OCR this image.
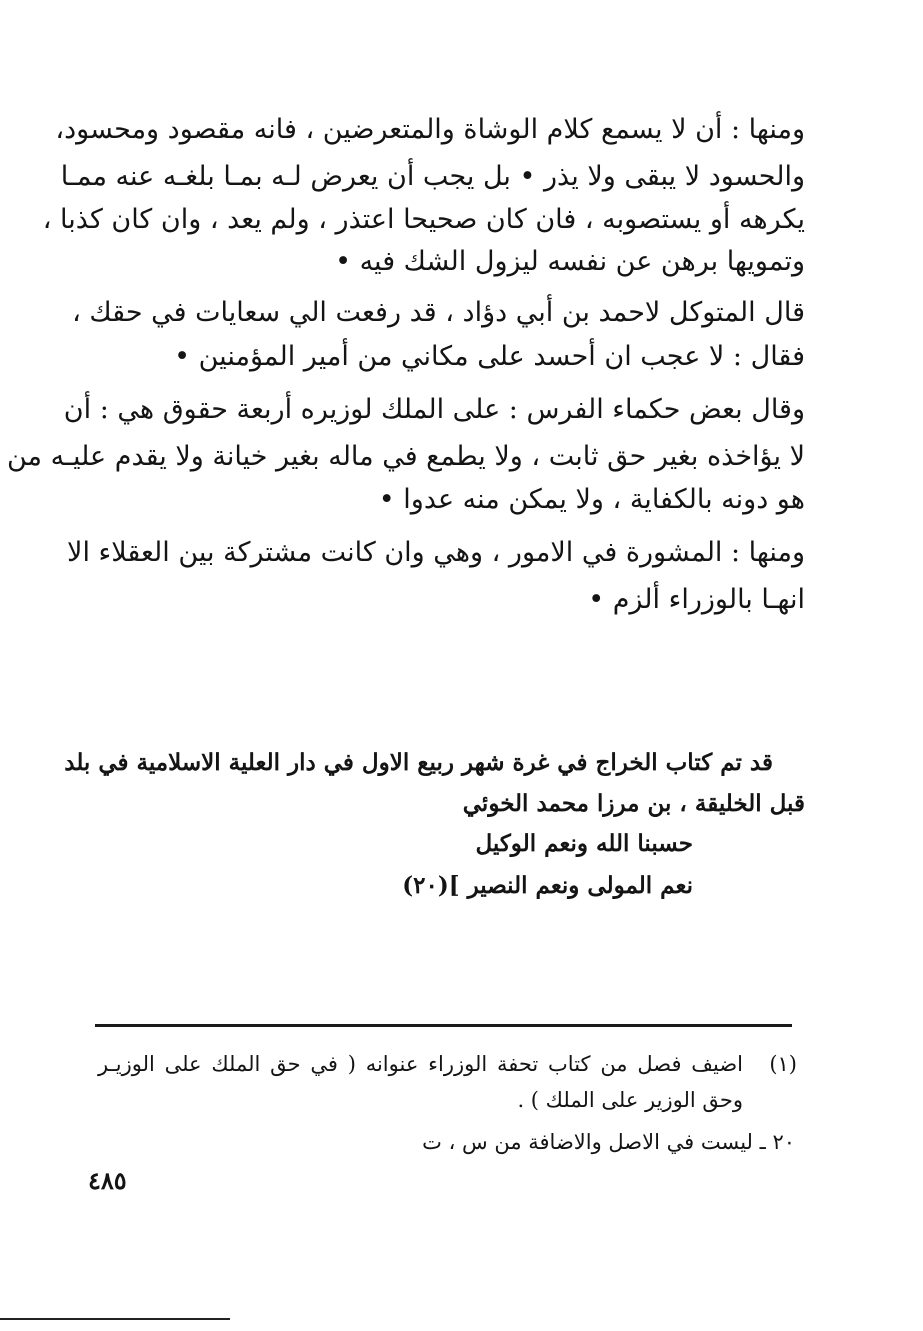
ومنها : أن لا يسمع كلام الوشاة والمتعرضين ، فانه مقصود ومحسود،
والحسود لا يبقى ولا يذر • بل يجب أن يعرض لـه بمـا بلغـه عنه ممـا
يكرهه أو يستصوبه ، فان كان صحيحا اعتذر ، ولم يعد ، وان كان كذبا ،
وتمويها برهن عن نفسه ليزول الشك فيه •
قال المتوكل لاحمد بن أبي دؤاد ، قد رفعت الي سعايات في حقك ،
فقال : لا عجب ان أحسد على مكاني من أمير المؤمنين •
وقال بعض حكماء الفرس : على الملك لوزيره أربعة حقوق هي : أن
لا يؤاخذه بغير حق ثابت ، ولا يطمع في ماله بغير خيانة ولا يقدم عليـه من
هو دونه بالكفاية ، ولا يمكن منه عدوا •
ومنها : المشورة في الامور ، وهي وان كانت مشتركة بين العقلاء الا
انهـا بالوزراء ألزم •
قد تم كتاب الخراج في غرة شهر ربيع الاول في دار العلية الاسلامية في بلد
قبل الخليقة ، بن مرزا محمد الخوئي
حسبنا الله ونعم الوكيل
نعم المولى ونعم النصير ](٢٠)
(١)
اضيف فصل من كتاب تحفة الوزراء عنوانه ( في حق الملك على الوزيـر
وحق الوزير على الملك ) .
٢٠ ـ ليست في الاصل والاضافة من س ، ت
٤٨٥
